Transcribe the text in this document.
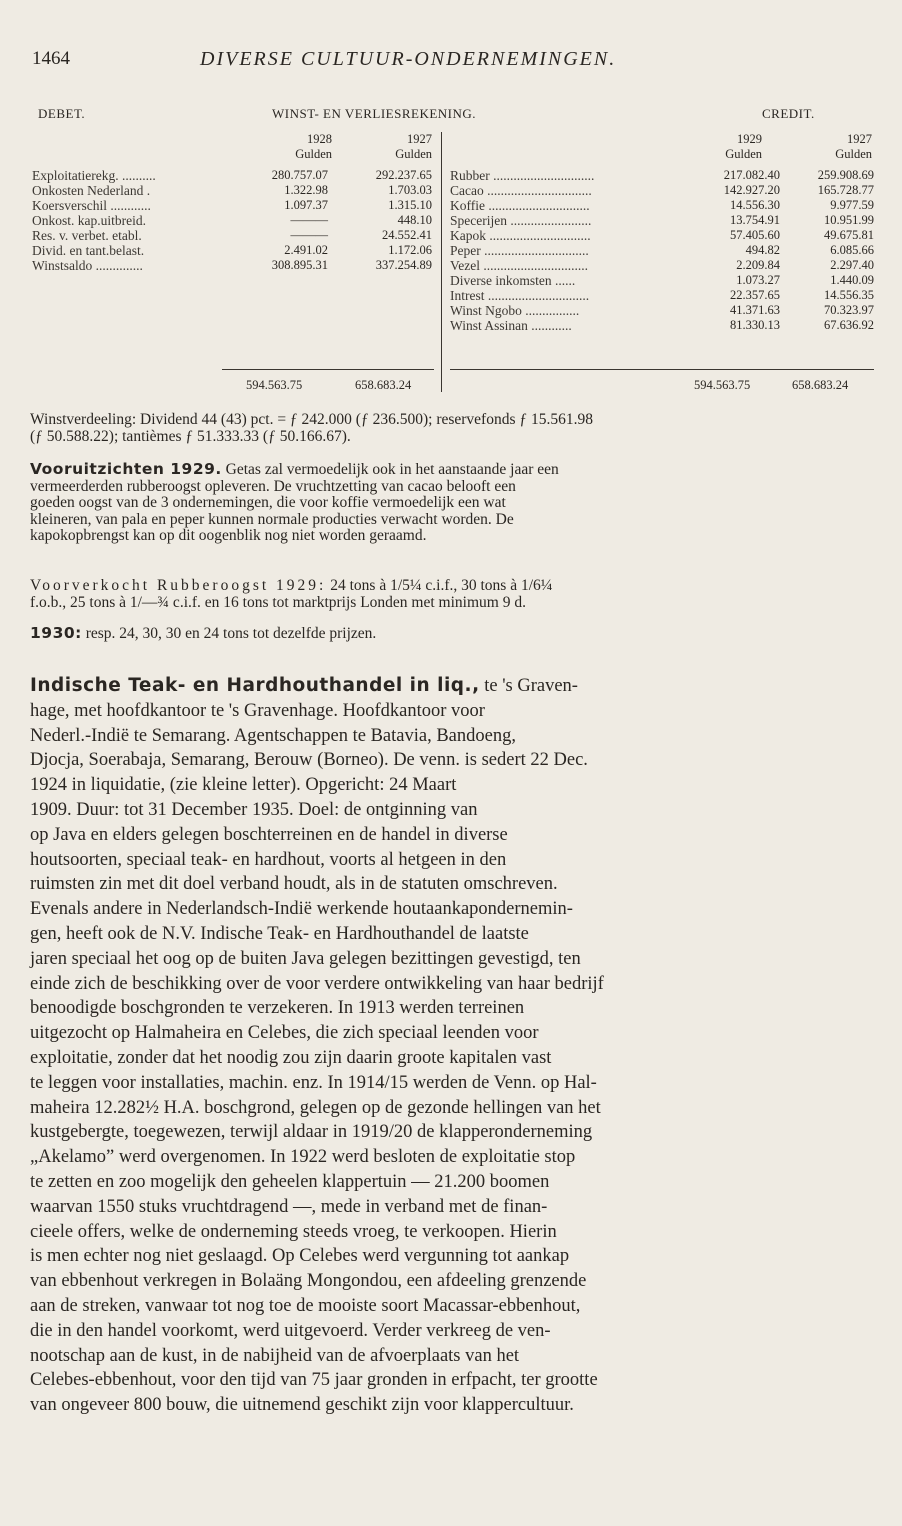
1464	DIVERSE CULTUUR-ONDERNEMINGEN.
DEBET.	WINST- EN VERLIESREKENING.	CREDIT.
1928
Gulden
1927
Gulden
1929
Gulden
1927
Gulden
Exploitatierekg. ..........	280.757.07	292.237.65
Onkosten Nederland .	1.322.98	1.703.03
Koersverschil ............	1.097.37	1.315.10
Onkost. kap.uitbreid.	———	448.10
Res. v. verbet. etabl.	———	24.552.41
Divid. en tant.belast.	2.491.02	1.172.06
Winstsaldo ..............	308.895.31	337.254.89
Rubber ..............................	217.082.40	259.908.69
Cacao ...............................	142.927.20	165.728.77
Koffie ..............................	14.556.30	9.977.59
Specerijen ........................	13.754.91	10.951.99
Kapok ..............................	57.405.60	49.675.81
Peper ...............................	494.82	6.085.66
Vezel ...............................	2.209.84	2.297.40
Diverse inkomsten ......	1.073.27	1.440.09
Intrest ..............................	22.357.65	14.556.35
Winst Ngobo ................	41.371.63	70.323.97
Winst Assinan ............	81.330.13	67.636.92
594.563.75	658.683.24	594.563.75	658.683.24
Winstverdeeling: Dividend 44 (43) pct. = ƒ 242.000 (ƒ 236.500); reservefonds ƒ 15.561.98
(ƒ 50.588.22); tantièmes ƒ 51.333.33 (ƒ 50.166.67).
Vooruitzichten 1929. Getas zal vermoedelijk ook in het aanstaande jaar een
vermeerderden rubberoogst opleveren. De vruchtzetting van cacao belooft een
goeden oogst van de 3 ondernemingen, die voor koffie vermoedelijk een wat
kleineren, van pala en peper kunnen normale producties verwacht worden. De
kapokopbrengst kan op dit oogenblik nog niet worden geraamd.
Voorverkocht Rubberoogst 1929: 24 tons à 1/5¼ c.i.f., 30 tons à 1/6¼
f.o.b., 25 tons à 1/—¾ c.i.f. en 16 tons tot marktprijs Londen met minimum 9 d.
1930: resp. 24, 30, 30 en 24 tons tot dezelfde prijzen.
Indische Teak- en Hardhouthandel in liq., te 's Graven-
hage, met hoofdkantoor te 's Gravenhage. Hoofdkantoor voor
Nederl.-Indië te Semarang. Agentschappen te Batavia, Bandoeng,
Djocja, Soerabaja, Semarang, Berouw (Borneo). De venn. is sedert 22 Dec.
1924 in liquidatie, (zie kleine letter). Opgericht: 24 Maart
1909. Duur: tot 31 December 1935. Doel: de ontginning van
op Java en elders gelegen boschterreinen en de handel in diverse
houtsoorten, speciaal teak- en hardhout, voorts al hetgeen in den
ruimsten zin met dit doel verband houdt, als in de statuten omschreven.
Evenals andere in Nederlandsch-Indië werkende houtaankapondernemin-
gen, heeft ook de N.V. Indische Teak- en Hardhouthandel de laatste
jaren speciaal het oog op de buiten Java gelegen bezittingen gevestigd, ten
einde zich de beschikking over de voor verdere ontwikkeling van haar bedrijf
benoodigde boschgronden te verzekeren. In 1913 werden terreinen
uitgezocht op Halmaheira en Celebes, die zich speciaal leenden voor
exploitatie, zonder dat het noodig zou zijn daarin groote kapitalen vast
te leggen voor installaties, machin. enz. In 1914/15 werden de Venn. op Hal-
maheira 12.282½ H.A. boschgrond, gelegen op de gezonde hellingen van het
kustgebergte, toegewezen, terwijl aldaar in 1919/20 de klapperonderneming
„Akelamo” werd overgenomen. In 1922 werd besloten de exploitatie stop
te zetten en zoo mogelijk den geheelen klappertuin — 21.200 boomen
waarvan 1550 stuks vruchtdragend —, mede in verband met de finan-
cieele offers, welke de onderneming steeds vroeg, te verkoopen. Hierin
is men echter nog niet geslaagd. Op Celebes werd vergunning tot aankap
van ebbenhout verkregen in Bolaäng Mongondou, een afdeeling grenzende
aan de streken, vanwaar tot nog toe de mooiste soort Macassar-ebbenhout,
die in den handel voorkomt, werd uitgevoerd. Verder verkreeg de ven-
nootschap aan de kust, in de nabijheid van de afvoerplaats van het
Celebes-ebbenhout, voor den tijd van 75 jaar gronden in erfpacht, ter grootte
van ongeveer 800 bouw, die uitnemend geschikt zijn voor klappercultuur.
